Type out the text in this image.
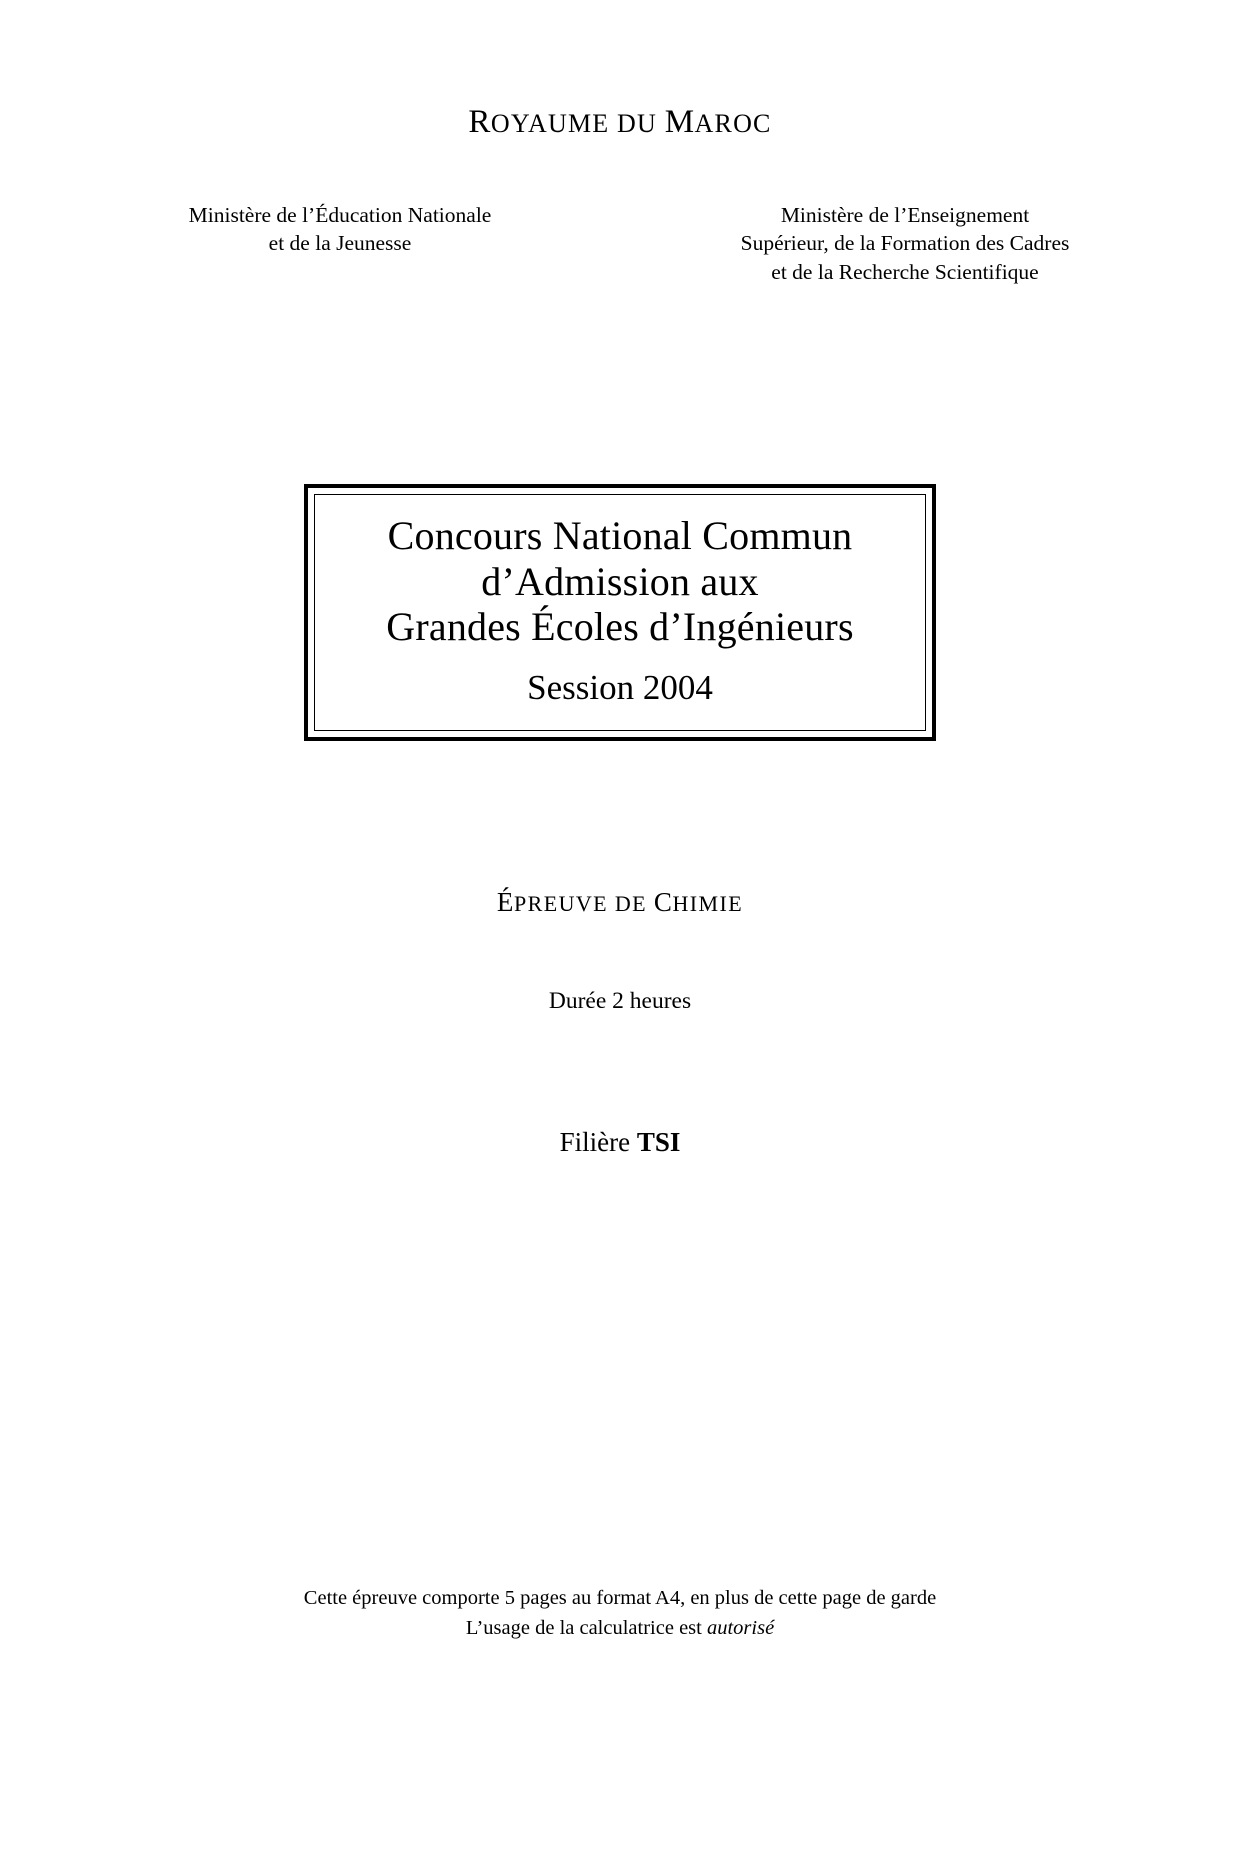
ROYAUME DU MAROC
Ministère de l’Éducation Nationale
et de la Jeunesse
Ministère de l’Enseignement
Supérieur, de la Formation des Cadres
et de la Recherche Scientifique
Concours National Commun
d’Admission aux
Grandes Écoles d’Ingénieurs
Session 2004
ÉPREUVE DE CHIMIE
Durée 2 heures
Filière TSI
Cette épreuve comporte 5 pages au format A4, en plus de cette page de garde
L’usage de la calculatrice est autorisé
